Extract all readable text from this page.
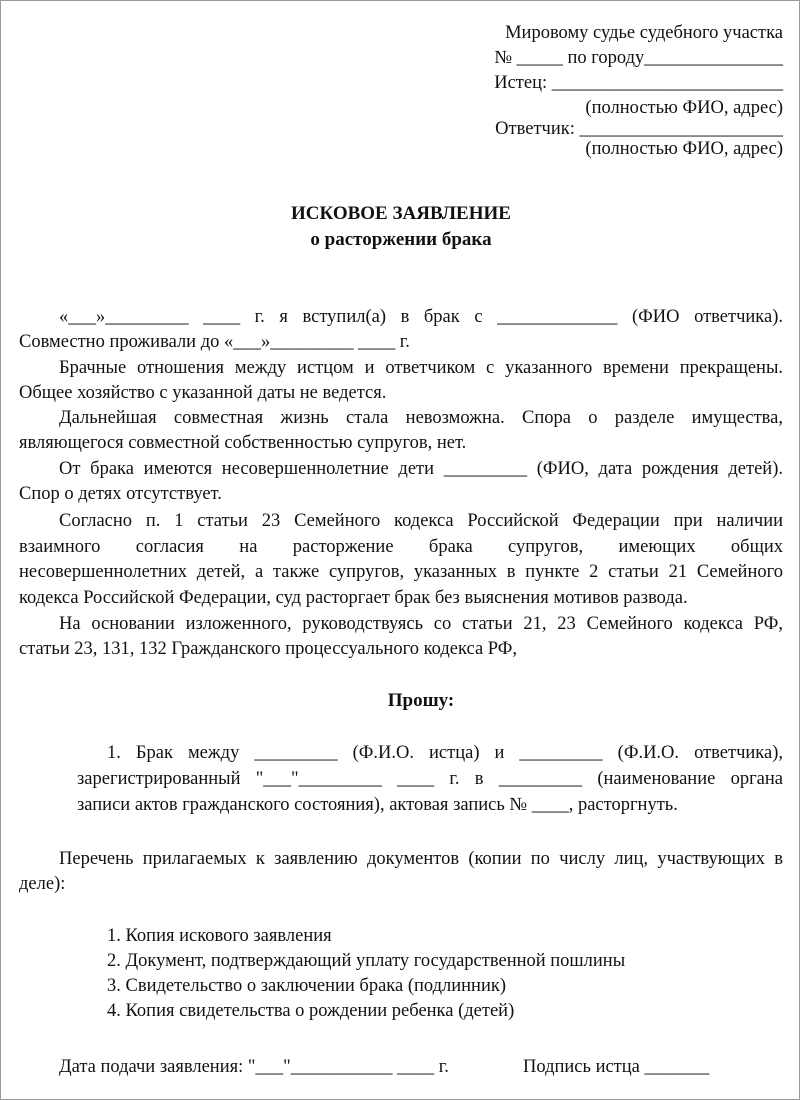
Мировому судье судебного участка
№ _____ по городу_______________
Истец: _________________________
(полностью ФИО, адрес)
Ответчик: ______________________
(полностью ФИО, адрес)
ИСКОВОЕ ЗАЯВЛЕНИЕ
о расторжении брака
«___»_________ ____ г. я вступил(а) в брак с _____________ (ФИО ответчика).
Совместно проживали до «___»_________ ____ г.
Брачные отношения между истцом и ответчиком с указанного времени прекращены.
Общее хозяйство с указанной даты не ведется.
Дальнейшая совместная жизнь стала невозможна. Спора о разделе имущества,
являющегося совместной собственностью супругов, нет.
От брака имеются несовершеннолетние дети _________ (ФИО, дата рождения детей).
Спор о детях отсутствует.
Согласно п. 1 статьи 23 Семейного кодекса Российской Федерации при наличии
взаимного согласия на расторжение брака супругов, имеющих общих
несовершеннолетних детей, а также супругов, указанных в пункте 2 статьи 21 Семейного
кодекса Российской Федерации, суд расторгает брак без выяснения мотивов развода.
На основании изложенного, руководствуясь со статьи 21, 23 Семейного кодекса РФ,
статьи 23, 131, 132 Гражданского процессуального кодекса РФ,
Прошу:
1. Брак между _________ (Ф.И.О. истца) и _________ (Ф.И.О. ответчика),
зарегистрированный "___"_________ ____ г. в _________ (наименование органа
записи актов гражданского состояния), актовая запись № ____, расторгнуть.
Перечень прилагаемых к заявлению документов (копии по числу лиц, участвующих в
деле):
1. Копия искового заявления
2. Документ, подтверждающий уплату государственной пошлины
3. Свидетельство о заключении брака (подлинник)
4. Копия свидетельства о рождении ребенка (детей)
Дата подачи заявления: "___"___________ ____ г.	Подпись истца _______
